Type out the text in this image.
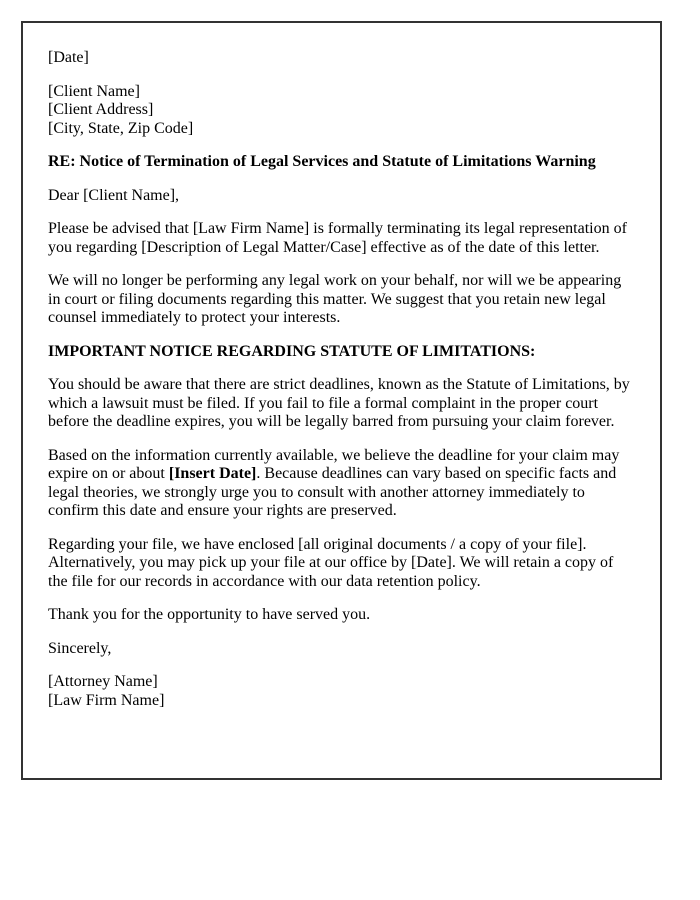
[Date]

[Client Name]
[Client Address]
[City, State, Zip Code]

RE: Notice of Termination of Legal Services and Statute of Limitations Warning

Dear [Client Name],

Please be advised that [Law Firm Name] is formally terminating its legal representation of you regarding [Description of Legal Matter/Case] effective as of the date of this letter.

We will no longer be performing any legal work on your behalf, nor will we be appearing in court or filing documents regarding this matter. We suggest that you retain new legal counsel immediately to protect your interests.

IMPORTANT NOTICE REGARDING STATUTE OF LIMITATIONS:

You should be aware that there are strict deadlines, known as the Statute of Limitations, by which a lawsuit must be filed. If you fail to file a formal complaint in the proper court before the deadline expires, you will be legally barred from pursuing your claim forever.

Based on the information currently available, we believe the deadline for your claim may expire on or about [Insert Date]. Because deadlines can vary based on specific facts and legal theories, we strongly urge you to consult with another attorney immediately to confirm this date and ensure your rights are preserved.

Regarding your file, we have enclosed [all original documents / a copy of your file]. Alternatively, you may pick up your file at our office by [Date]. We will retain a copy of the file for our records in accordance with our data retention policy.

Thank you for the opportunity to have served you.

Sincerely,

[Attorney Name]
[Law Firm Name]
